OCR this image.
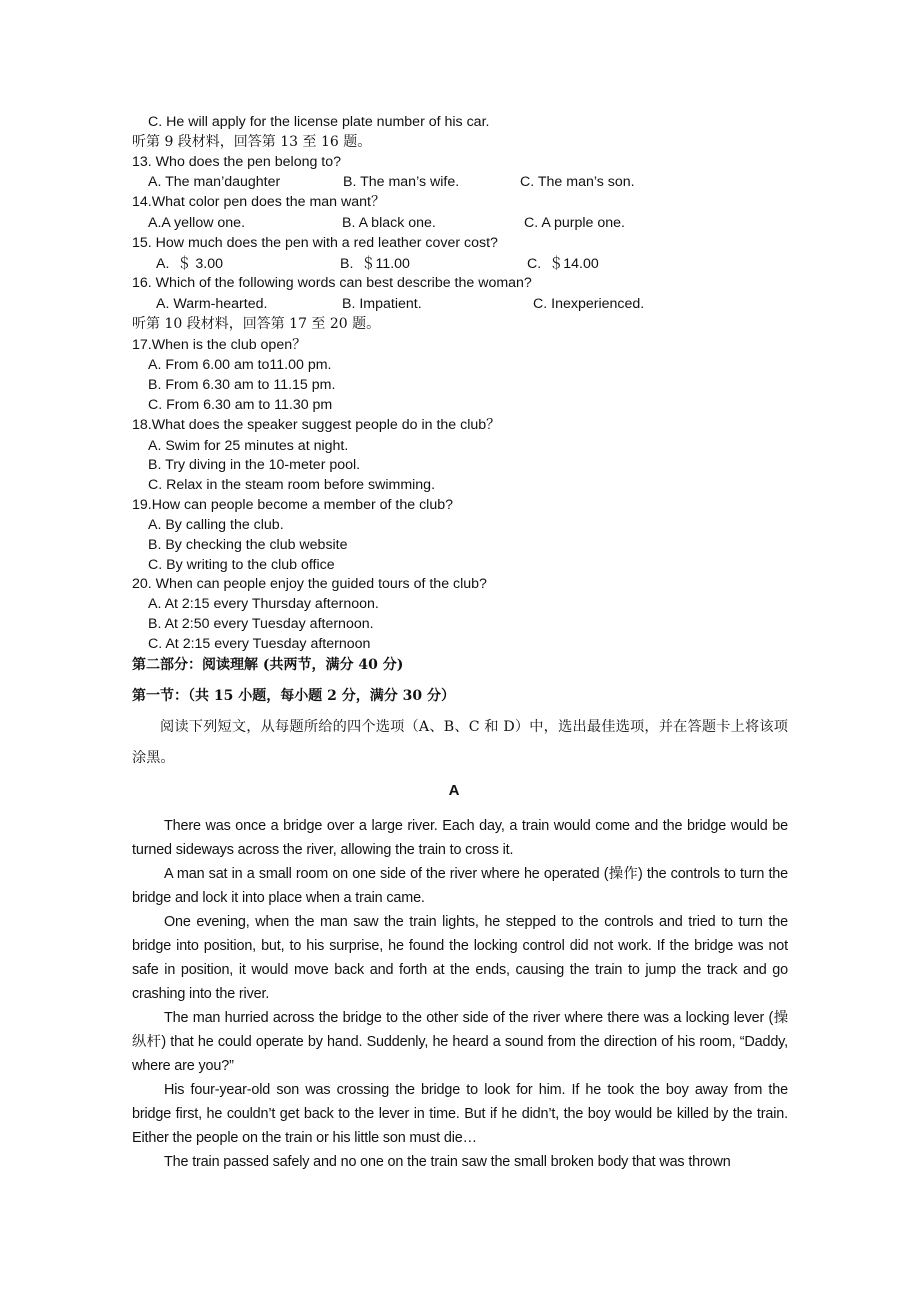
C. He will apply for the license plate number of his car.
听第 9 段材料，回答第 13 至 16 题。
13. Who does the pen belong to?
A. The man’daughter	B. The man’s wife.	C. The man’s son.
14.What color pen does the man want？
A.A yellow one.	B. A black one.	C. A purple one.
15. How much does the pen with a red leather cover cost?
A.  ＄ 3.00	B.  ＄11.00	C.  ＄14.00
16. Which of the following words can best describe the woman?
A. Warm-hearted.	B. Impatient.	C. Inexperienced.
听第 10 段材料，回答第 17 至 20 题。
17.When is the club open？
A. From 6.00 am to11.00 pm.
B. From 6.30 am to 11.15 pm.
C. From 6.30 am to 11.30 pm
18.What does the speaker suggest people do in the club？
A. Swim for 25 minutes at night.
B. Try diving in the 10-meter pool.
C. Relax in the steam room before swimming.
19.How can people become a member of the club?
A. By calling the club.
B. By checking the club website
C. By writing to the club office
20. When can people enjoy the guided tours of the club?
A. At 2:15 every Thursday afternoon.
B. At 2:50 every Tuesday afternoon.
C. At 2:15 every Tuesday afternoon
第二部分：阅读理解 (共两节，满分 40 分)
第一节：（共 15 小题，每小题 2 分，满分 30 分）
阅读下列短文，从每题所给的四个选项（A、B、C 和 D）中，选出最佳选项，并在答题卡上将该项涂黑。
A

There was once a bridge over a large river. Each day, a train would come and the bridge would be turned sideways across the river, allowing the train to cross it.

A man sat in a small room on one side of the river where he operated (操作) the controls to turn the bridge and lock it into place when a train came.

One evening, when the man saw the train lights, he stepped to the controls and tried to turn the bridge into position, but, to his surprise, he found the locking control did not work. If the bridge was not safe in position, it would move back and forth at the ends, causing the train to jump the track and go crashing into the river.

The man hurried across the bridge to the other side of the river where there was a locking lever (操纵杆) that he could operate by hand. Suddenly, he heard a sound from the direction of his room, “Daddy, where are you?”

His four-year-old son was crossing the bridge to look for him. If he took the boy away from the bridge first, he couldn’t get back to the lever in time. But if he didn’t, the boy would be killed by the train. Either the people on the train or his little son must die…

The train passed safely and no one on the train saw the small broken body that was thrown
